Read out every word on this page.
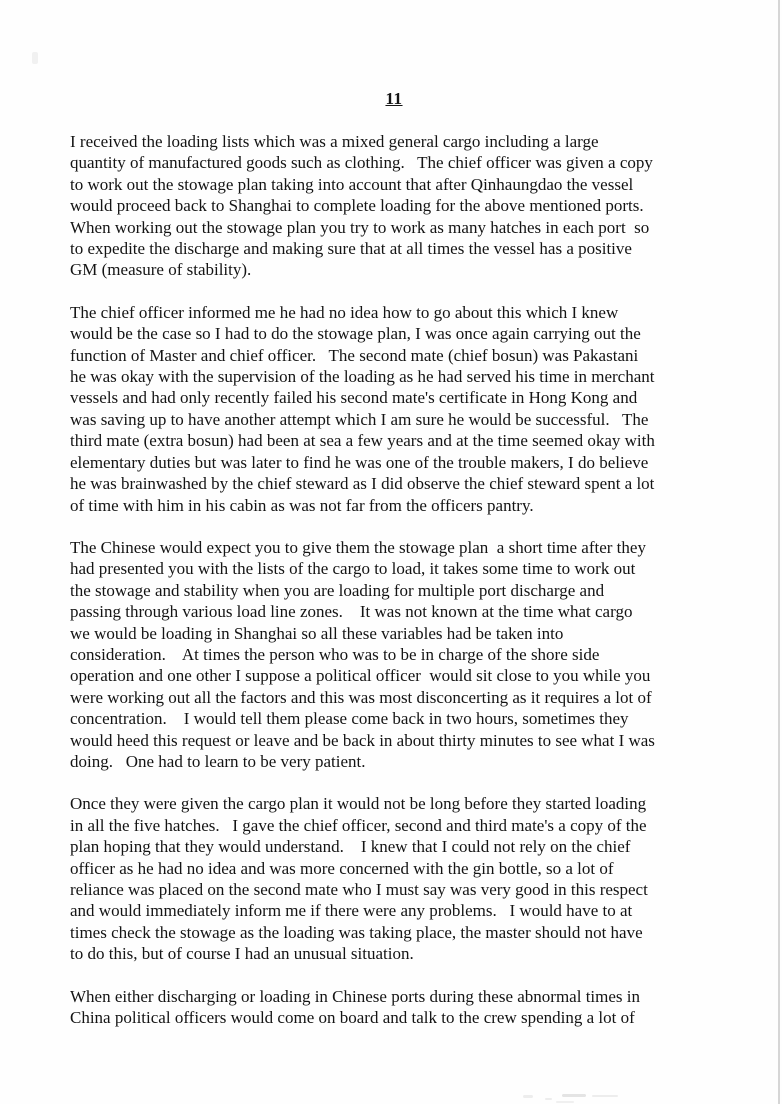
11
I received the loading lists which was a mixed general cargo including a large
quantity of manufactured goods such as clothing.   The chief officer was given a copy
to work out the stowage plan taking into account that after Qinhaungdao the vessel
would proceed back to Shanghai to complete loading for the above mentioned ports.
When working out the stowage plan you try to work as many hatches in each port  so
to expedite the discharge and making sure that at all times the vessel has a positive
GM (measure of stability).
The chief officer informed me he had no idea how to go about this which I knew
would be the case so I had to do the stowage plan, I was once again carrying out the
function of Master and chief officer.   The second mate (chief bosun) was Pakastani
he was okay with the supervision of the loading as he had served his time in merchant
vessels and had only recently failed his second mate's certificate in Hong Kong and
was saving up to have another attempt which I am sure he would be successful.   The
third mate (extra bosun) had been at sea a few years and at the time seemed okay with
elementary duties but was later to find he was one of the trouble makers, I do believe
he was brainwashed by the chief steward as I did observe the chief steward spent a lot
of time with him in his cabin as was not far from the officers pantry.
The Chinese would expect you to give them the stowage plan  a short time after they
had presented you with the lists of the cargo to load, it takes some time to work out
the stowage and stability when you are loading for multiple port discharge and
passing through various load line zones.    It was not known at the time what cargo
we would be loading in Shanghai so all these variables had be taken into
consideration.    At times the person who was to be in charge of the shore side
operation and one other I suppose a political officer  would sit close to you while you
were working out all the factors and this was most disconcerting as it requires a lot of
concentration.    I would tell them please come back in two hours, sometimes they
would heed this request or leave and be back in about thirty minutes to see what I was
doing.   One had to learn to be very patient.
Once they were given the cargo plan it would not be long before they started loading
in all the five hatches.   I gave the chief officer, second and third mate's a copy of the
plan hoping that they would understand.    I knew that I could not rely on the chief
officer as he had no idea and was more concerned with the gin bottle, so a lot of
reliance was placed on the second mate who I must say was very good in this respect
and would immediately inform me if there were any problems.   I would have to at
times check the stowage as the loading was taking place, the master should not have
to do this, but of course I had an unusual situation.
When either discharging or loading in Chinese ports during these abnormal times in
China political officers would come on board and talk to the crew spending a lot of
